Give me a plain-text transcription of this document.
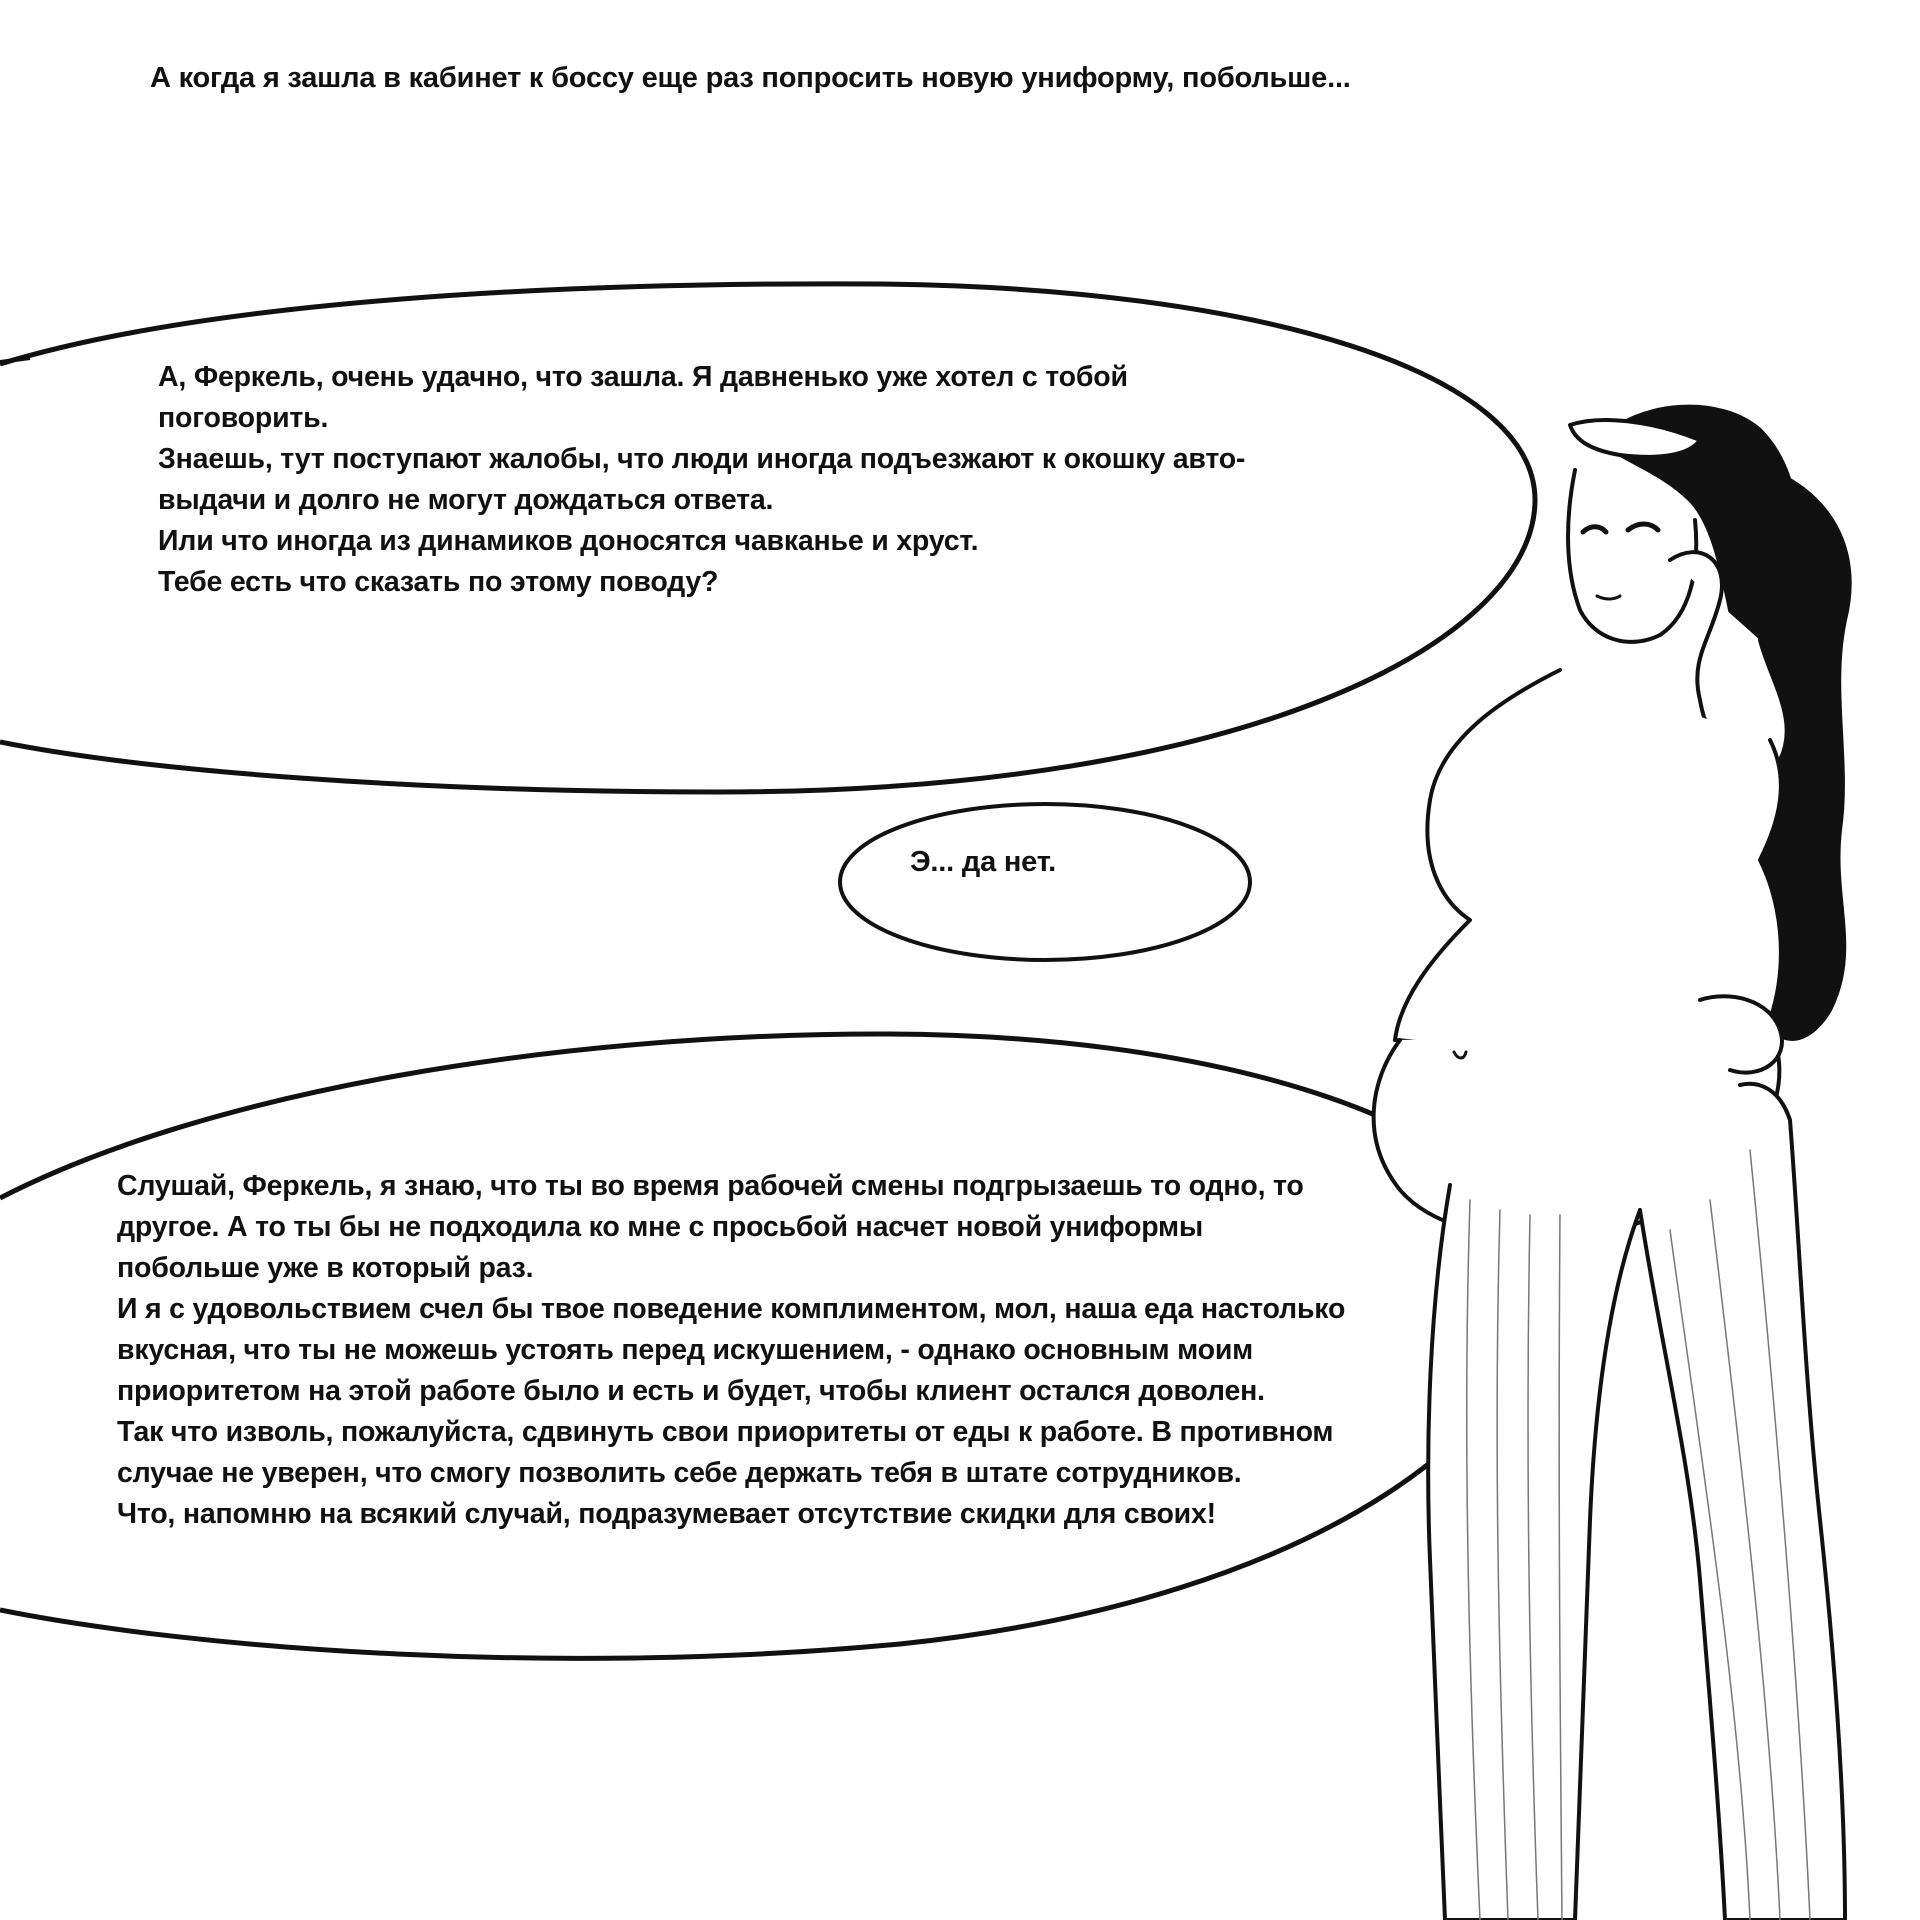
А когда я зашла в кабинет к боссу еще раз попросить новую униформу, побольше...
А, Феркель, очень удачно, что зашла. Я давненько уже хотел с тобой
поговорить.
Знаешь, тут поступают жалобы, что люди иногда подъезжают к окошку авто-
выдачи и долго не могут дождаться ответа.
Или что иногда из динамиков доносятся чавканье и хруст.
Тебе есть что сказать по этому поводу?
Э... да нет.
Слушай, Феркель, я знаю, что ты во время рабочей смены подгрызаешь то одно, то
другое. А то ты бы не подходила ко мне с просьбой насчет новой униформы
побольше уже в который раз.
И я с удовольствием счел бы твое поведение комплиментом, мол, наша еда настолько
вкусная, что ты не можешь устоять перед искушением, - однако основным моим
приоритетом на этой работе было и есть и будет, чтобы клиент остался доволен.
Так что изволь, пожалуйста, сдвинуть свои приоритеты от еды к работе. В противном
случае не уверен, что смогу позволить себе держать тебя в штате сотрудников.
Что, напомню на всякий случай, подразумевает отсутствие скидки для своих!
